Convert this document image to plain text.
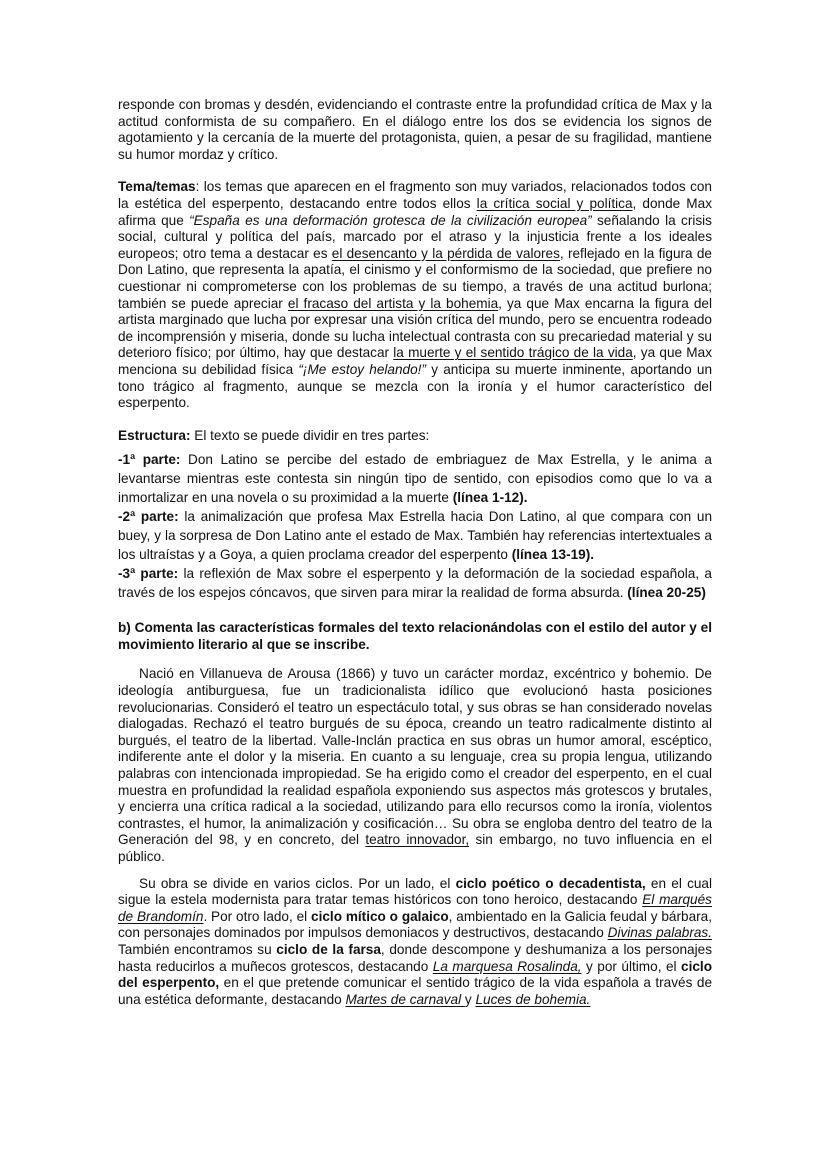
responde con bromas y desdén, evidenciando el contraste entre la profundidad crítica de Max y la actitud conformista de su compañero. En el diálogo entre los dos se evidencia los signos de agotamiento y la cercanía de la muerte del protagonista, quien, a pesar de su fragilidad, mantiene su humor mordaz y crítico.

Tema/temas: los temas que aparecen en el fragmento son muy variados, relacionados todos con la estética del esperpento, destacando entre todos ellos la crítica social y política, donde Max afirma que “España es una deformación grotesca de la civilización europea” señalando la crisis social, cultural y política del país, marcado por el atraso y la injusticia frente a los ideales europeos; otro tema a destacar es el desencanto y la pérdida de valores, reflejado en la figura de Don Latino, que representa la apatía, el cinismo y el conformismo de la sociedad, que prefiere no cuestionar ni comprometerse con los problemas de su tiempo, a través de una actitud burlona; también se puede apreciar el fracaso del artista y la bohemia, ya que Max encarna la figura del artista marginado que lucha por expresar una visión crítica del mundo, pero se encuentra rodeado de incomprensión y miseria, donde su lucha intelectual contrasta con su precariedad material y su deterioro físico; por último, hay que destacar la muerte y el sentido trágico de la vida, ya que Max menciona su debilidad física “¡Me estoy helando!” y anticipa su muerte inminente, aportando un tono trágico al fragmento, aunque se mezcla con la ironía y el humor característico del esperpento.

Estructura: El texto se puede dividir en tres partes:

-1ª parte: Don Latino se percibe del estado de embriaguez de Max Estrella, y le anima a levantarse mientras este contesta sin ningún tipo de sentido, con episodios como que lo va a inmortalizar en una novela o su proximidad a la muerte (línea 1-12).

-2ª parte: la animalización que profesa Max Estrella hacia Don Latino, al que compara con un buey, y la sorpresa de Don Latino ante el estado de Max. También hay referencias intertextuales a los ultraístas y a Goya, a quien proclama creador del esperpento (línea 13-19).

-3ª parte: la reflexión de Max sobre el esperpento y la deformación de la sociedad española, a través de los espejos cóncavos, que sirven para mirar la realidad de forma absurda. (línea 20-25)

b) Comenta las características formales del texto relacionándolas con el estilo del autor y el movimiento literario al que se inscribe.

Nació en Villanueva de Arousa (1866) y tuvo un carácter mordaz, excéntrico y bohemio. De ideología antiburguesa, fue un tradicionalista idílico que evolucionó hasta posiciones revolucionarias. Consideró el teatro un espectáculo total, y sus obras se han considerado novelas dialogadas. Rechazó el teatro burgués de su época, creando un teatro radicalmente distinto al burgués, el teatro de la libertad. Valle-Inclán practica en sus obras un humor amoral, escéptico, indiferente ante el dolor y la miseria. En cuanto a su lenguaje, crea su propia lengua, utilizando palabras con intencionada impropiedad. Se ha erigido como el creador del esperpento, en el cual muestra en profundidad la realidad española exponiendo sus aspectos más grotescos y brutales, y encierra una crítica radical a la sociedad, utilizando para ello recursos como la ironía, violentos contrastes, el humor, la animalización y cosificación… Su obra se engloba dentro del teatro de la Generación del 98, y en concreto, del teatro innovador, sin embargo, no tuvo influencia en el público.

Su obra se divide en varios ciclos. Por un lado, el ciclo poético o decadentista, en el cual sigue la estela modernista para tratar temas históricos con tono heroico, destacando El marqués de Brandomín. Por otro lado, el ciclo mítico o galaico, ambientado en la Galicia feudal y bárbara, con personajes dominados por impulsos demoniacos y destructivos, destacando Divinas palabras. También encontramos su ciclo de la farsa, donde descompone y deshumaniza a los personajes hasta reducirlos a muñecos grotescos, destacando La marquesa Rosalinda, y por último, el ciclo del esperpento, en el que pretende comunicar el sentido trágico de la vida española a través de una estética deformante, destacando Martes de carnaval y Luces de bohemia.
